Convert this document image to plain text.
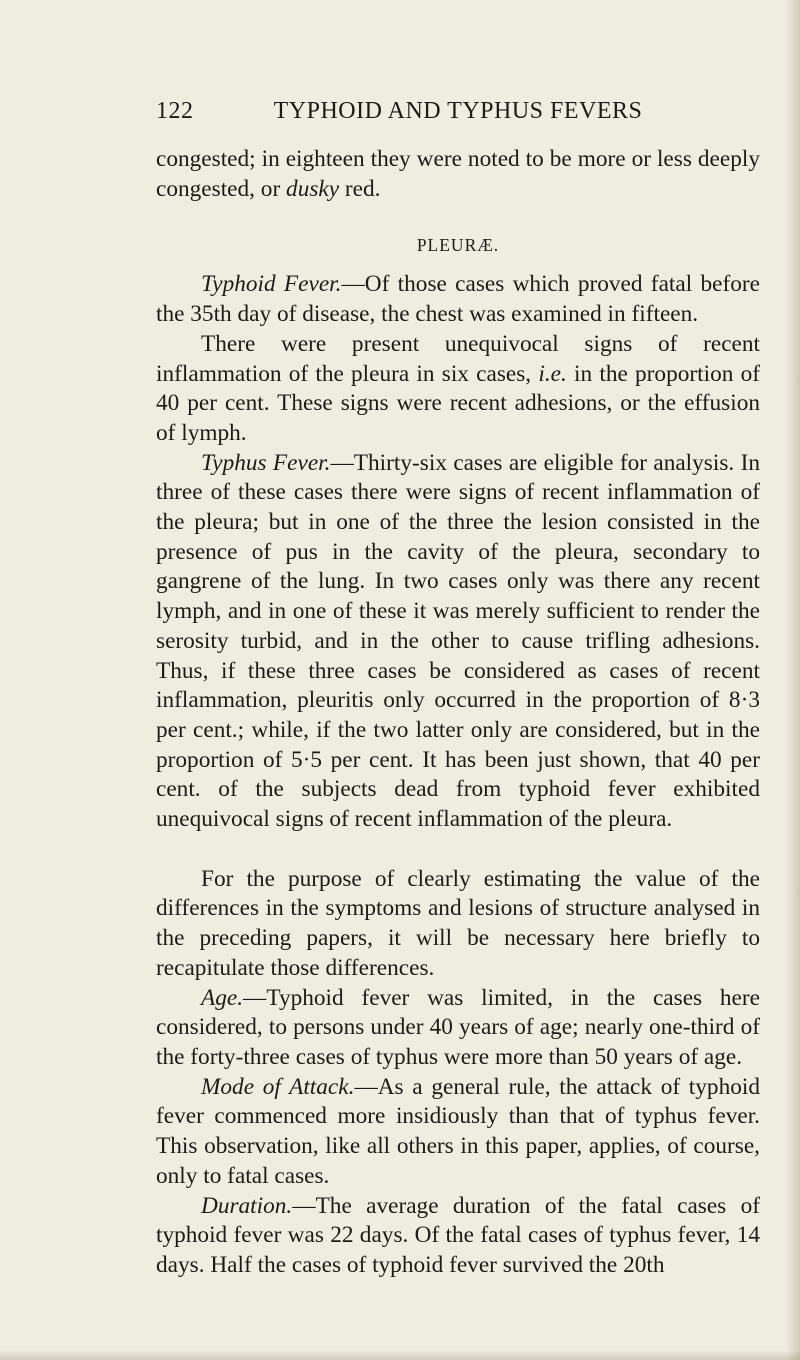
122	TYPHOID AND TYPHUS FEVERS

congested; in eighteen they were noted to be more or less deeply congested, or dusky red.

PLEURÆ.

Typhoid Fever.—Of those cases which proved fatal before the 35th day of disease, the chest was examined in fifteen.

There were present unequivocal signs of recent inflammation of the pleura in six cases, i.e. in the proportion of 40 per cent. These signs were recent adhesions, or the effusion of lymph.

Typhus Fever.—Thirty-six cases are eligible for analysis. In three of these cases there were signs of recent inflammation of the pleura; but in one of the three the lesion consisted in the presence of pus in the cavity of the pleura, secondary to gangrene of the lung. In two cases only was there any recent lymph, and in one of these it was merely sufficient to render the serosity turbid, and in the other to cause trifling adhesions. Thus, if these three cases be considered as cases of recent inflammation, pleuritis only occurred in the proportion of 8·3 per cent.; while, if the two latter only are considered, but in the proportion of 5·5 per cent. It has been just shown, that 40 per cent. of the subjects dead from typhoid fever exhibited unequivocal signs of recent inflammation of the pleura.

For the purpose of clearly estimating the value of the differences in the symptoms and lesions of structure analysed in the preceding papers, it will be necessary here briefly to recapitulate those differences.

Age.—Typhoid fever was limited, in the cases here considered, to persons under 40 years of age; nearly one-third of the forty-three cases of typhus were more than 50 years of age.

Mode of Attack.—As a general rule, the attack of typhoid fever commenced more insidiously than that of typhus fever. This observation, like all others in this paper, applies, of course, only to fatal cases.

Duration.—The average duration of the fatal cases of typhoid fever was 22 days. Of the fatal cases of typhus fever, 14 days. Half the cases of typhoid fever survived the 20th
